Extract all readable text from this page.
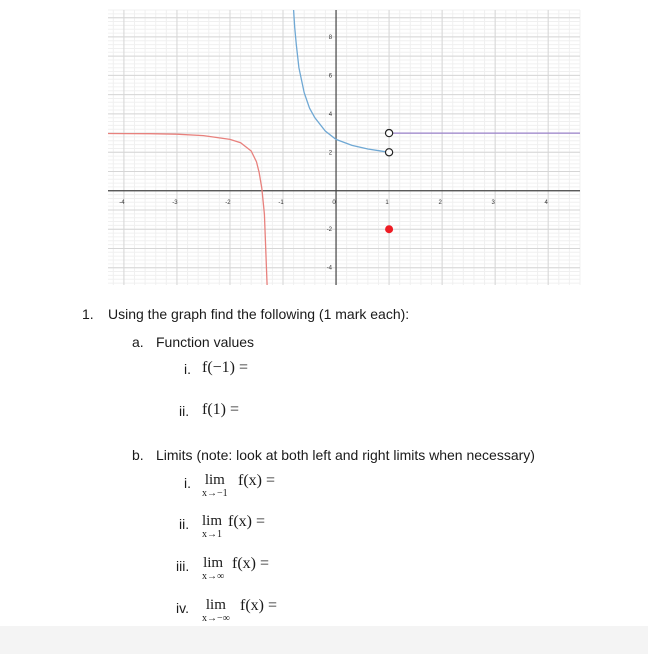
-4	-3	-2	-1	0	1	2	3	4
8
6
4
2
-2
-4
1. Using the graph find the following (1 mark each):
a. Function values
i. f(−1) =
ii. f(1) =
b. Limits (note: look at both left and right limits when necessary)
i. lim
x→−1
f(x) =
ii. lim
x→1
f(x) =
iii. lim
x→∞
f(x) =
iv. lim
x→−∞
f(x) =
